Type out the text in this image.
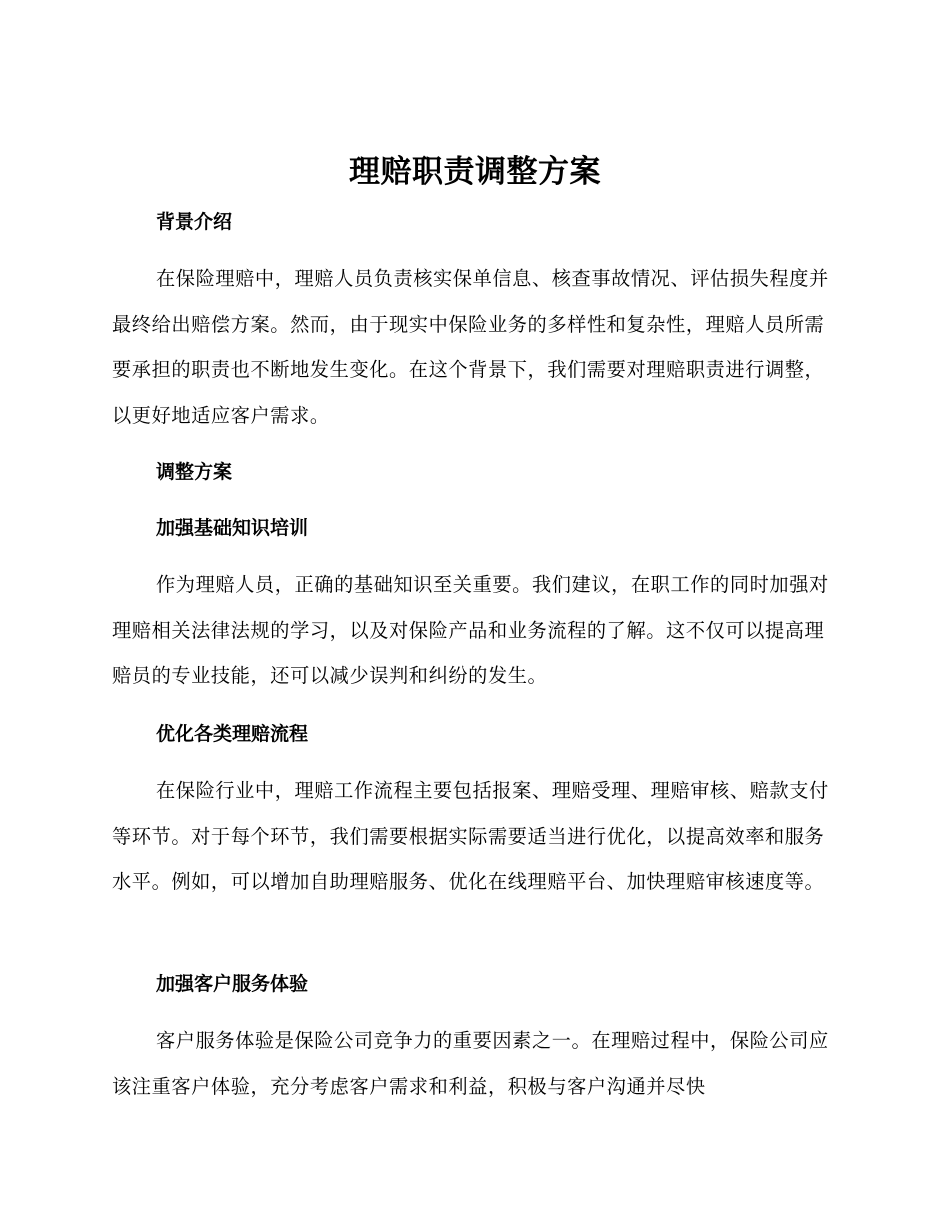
理赔职责调整方案
背景介绍
在保险理赔中，理赔人员负责核实保单信息、核查事故情况、评估损失程度并最终给出赔偿方案。然而，由于现实中保险业务的多样性和复杂性，理赔人员所需要承担的职责也不断地发生变化。在这个背景下，我们需要对理赔职责进行调整，以更好地适应客户需求。
调整方案
加强基础知识培训
作为理赔人员，正确的基础知识至关重要。我们建议，在职工作的同时加强对理赔相关法律法规的学习，以及对保险产品和业务流程的了解。这不仅可以提高理赔员的专业技能，还可以减少误判和纠纷的发生。
优化各类理赔流程
在保险行业中，理赔工作流程主要包括报案、理赔受理、理赔审核、赔款支付等环节。对于每个环节，我们需要根据实际需要适当进行优化，以提高效率和服务水平。例如，可以增加自助理赔服务、优化在线理赔平台、加快理赔审核速度等。
加强客户服务体验
客户服务体验是保险公司竞争力的重要因素之一。在理赔过程中，保险公司应该注重客户体验，充分考虑客户需求和利益，积极与客户沟通并尽快
